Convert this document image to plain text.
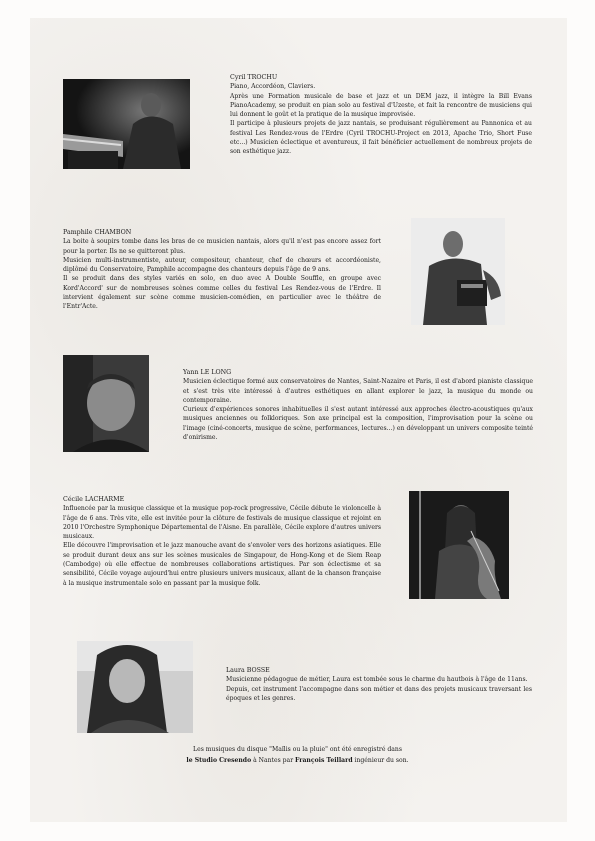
Cyril TROCHU

Piano, Accordéon, Claviers.

Après une Formation musicale de base et jazz et un DEM jazz, il intègre la Bill Evans PianoAcademy, se produit en pian solo au festival d'Uzeste, et fait la rencontre de musiciens qui lui donnent le goût et la pratique de la musique improvisée.

Il participe à plusieurs projets de jazz nantais, se produisant régulièrement au Pannonica et au festival Les Rendez-vous de l'Erdre (Cyril TROCHU-Project en 2013, Apache Trio, Short Fuse etc...) Musicien éclectique et aventureux, il fait bénéficier actuellement de nombreux projets de son esthétique jazz.

Pamphile CHAMBON

La boite à soupirs tombe dans les bras de ce musicien nantais, alors qu'il n'est pas encore assez fort pour la porter. Ils ne se quitteront plus.

Musicien multi-instrumentiste, auteur, compositeur, chanteur, chef de chœurs et accordéoniste, diplômé du Conservatoire, Pamphile accompagne des chanteurs depuis l'âge de 9 ans.

Il se produit dans des styles variés en solo, en duo avec A Double Souffle, en groupe avec Kord'Accord' sur de nombreuses scènes comme celles du festival Les Rendez-vous de l'Erdre. Il intervient également sur scène comme musicien-comédien, en particulier avec le théâtre de l'Entr'Acte.

Yann LE LONG

Musicien éclectique formé aux conservatoires de Nantes, Saint-Nazaire et Paris, il est d'abord pianiste classique et s'est très vite intéressé à d'autres esthétiques en allant explorer le jazz, la musique du monde ou contemporaine.

Curieux d'expériences sonores inhabituelles il s'est autant intéressé aux approches électro-acoustiques qu'aux musiques anciennes ou folkloriques. Son axe principal est la composition, l'improvisation pour la scène ou l'image (ciné-concerts, musique de scène, performances, lectures...) en développant un univers composite teinté d'onirisme.

Cécile LACHARME

Influencée par la musique classique et la musique pop-rock progressive, Cécile débute le violoncelle à l'âge de 6 ans. Très vite, elle est invitée pour la clôture de festivals de musique classique et rejoint en 2010 l'Orchestre Symphonique Départemental de l'Aisne. En parallèle, Cécile explore d'autres univers musicaux.

Elle découvre l'improvisation et le jazz manouche avant de s'envoler vers des horizons asiatiques. Elle se produit durant deux ans sur les scènes musicales de Singapour, de Hong-Kong et de Siem Reap (Cambodge) où elle effectue de nombreuses collaborations artistiques. Par son éclectisme et sa sensibilité, Cécile voyage aujourd'hui entre plusieurs univers musicaux, allant de la chanson française à la musique instrumentale solo en passant par la musique folk.

Laura BOSSE

Musicienne pédagogue de métier, Laura est tombée sous le charme du hautbois à l'âge de 11ans.

Depuis, cet instrument l'accompagne dans son métier et dans des projets musicaux traversant les époques et les genres.

Les musiques du disque "Maïlis ou la pluie" ont été enregistré dans
le Studio Cresendo à Nantes par François Teillard ingénieur du son.
